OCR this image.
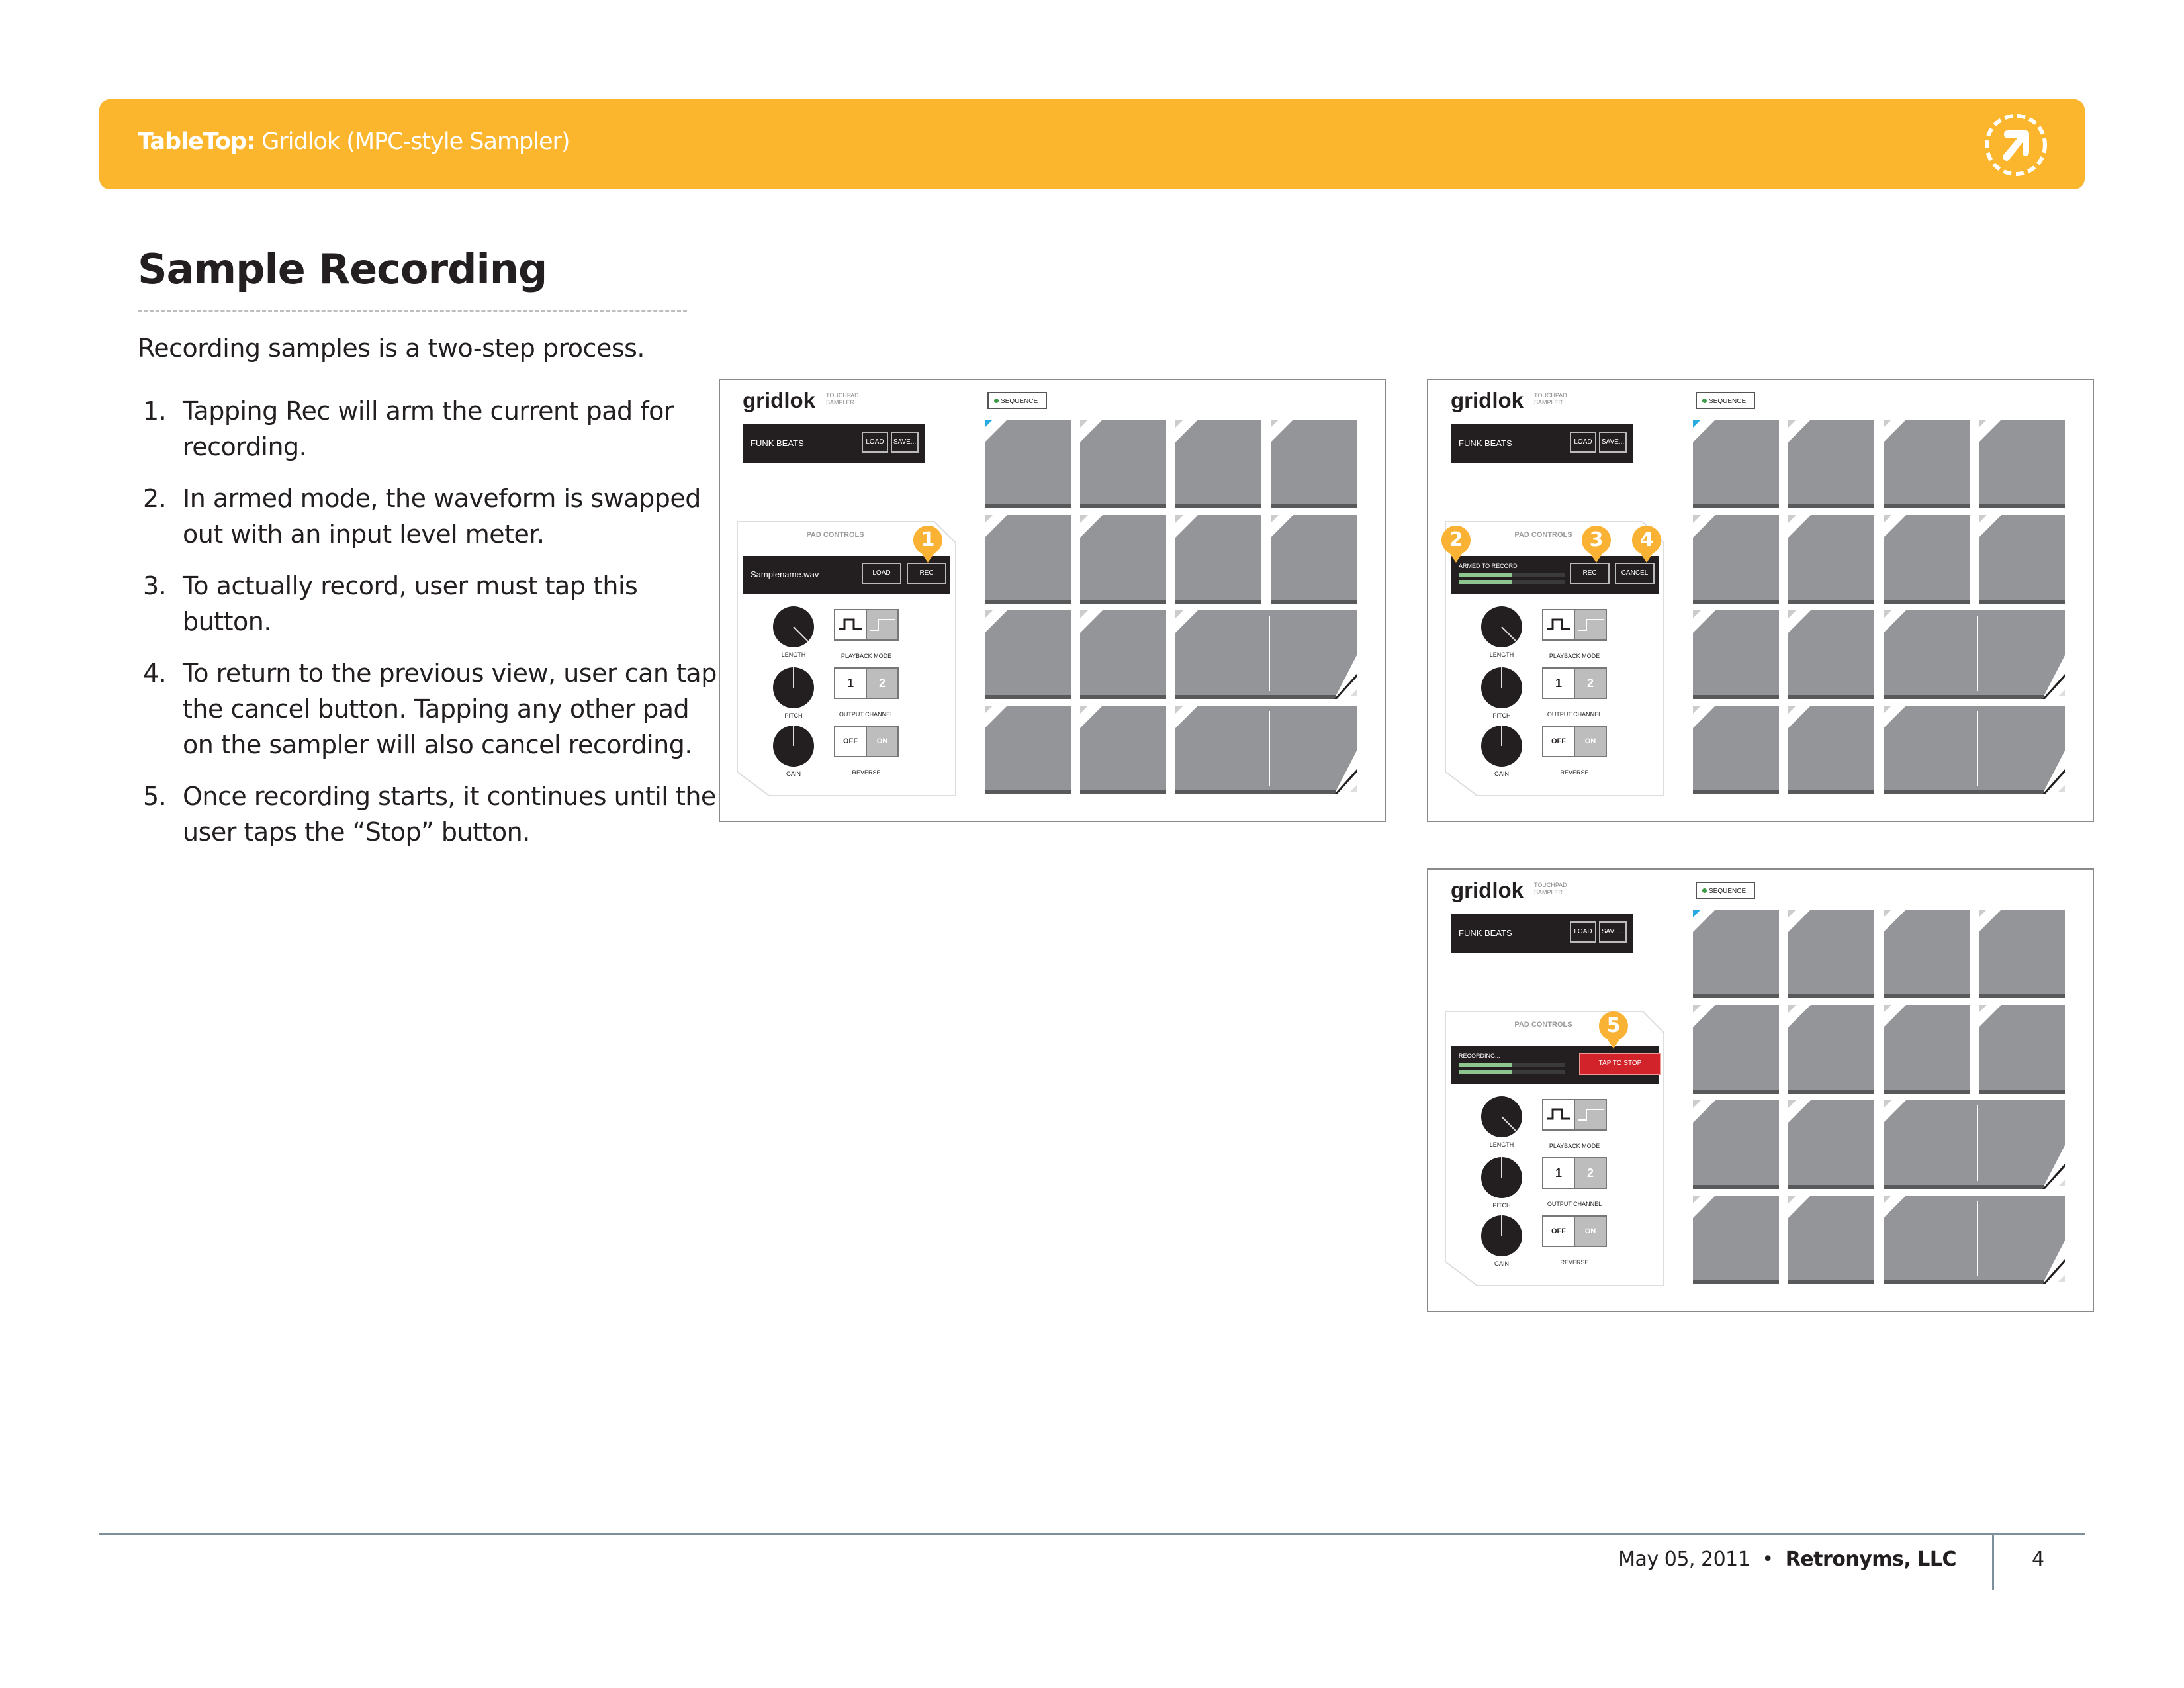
TableTop: Gridlok (MPC-style Sampler)
Sample Recording

Recording samples is a two-step process.

1. Tapping Rec will arm the current pad for recording.
2. In armed mode, the waveform is swapped out with an input level meter.
3. To actually record, user must tap this button.
4. To return to the previous view, user can tap the cancel button. Tapping any other pad on the sampler will also cancel recording.
5. Once recording starts, it continues until the user taps the “Stop” button.
gridlok TOUCHPAD
SAMPLER	SEQUENCE
FUNK BEATS	LOAD	SAVE...
PAD CONTROLS
Samplename.wav	LOAD	REC
LENGTH
PITCH
GAIN
PLAYBACK MODE
1	2
OUTPUT CHANNEL
OFF	ON
REVERSE
1
gridlok TOUCHPAD
SAMPLER	SEQUENCE
FUNK BEATS	LOAD	SAVE...
PAD CONTROLS
ARMED TO RECORD
REC	CANCEL
LENGTH
PITCH
GAIN
PLAYBACK MODE
1	2
OUTPUT CHANNEL
OFF	ON
REVERSE
2	3	4
gridlok TOUCHPAD
SAMPLER	SEQUENCE
FUNK BEATS	LOAD	SAVE...
PAD CONTROLS
RECORDING...
TAP TO STOP
LENGTH
PITCH
GAIN
PLAYBACK MODE
1	2
OUTPUT CHANNEL
OFF	ON
REVERSE
5
May 05, 2011 • Retronyms, LLC	4
